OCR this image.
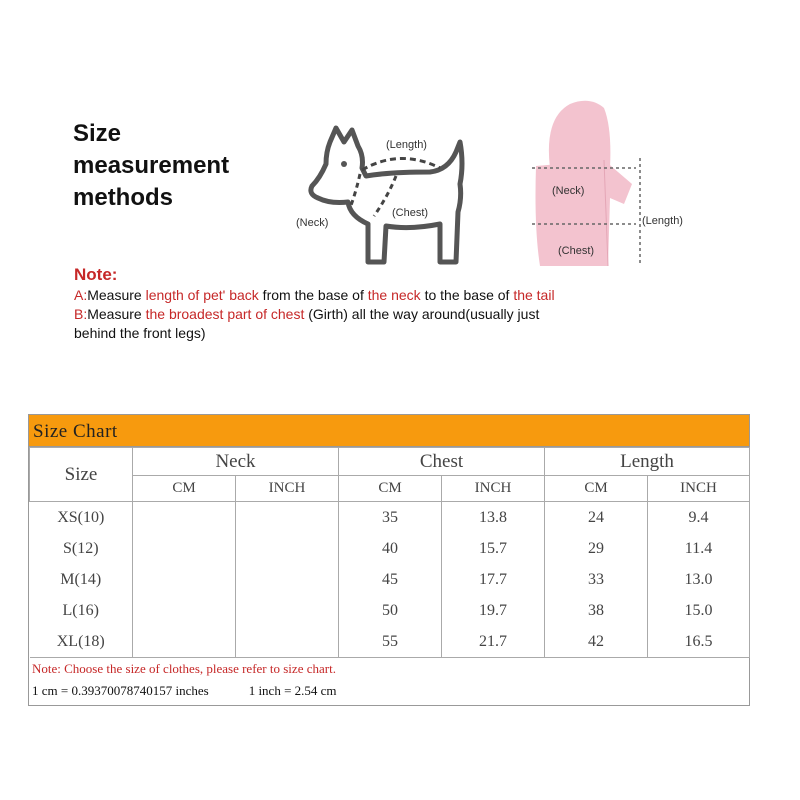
Size
measurement
methods
(Length)
(Neck)
(Chest)
(Neck)
(Length)
(Chest)
Note:
A:Measure length of pet' back from the base of the neck to the base of the tail
B:Measure the broadest part of chest (Girth) all the way around(usually just
behind the front legs)
Size Chart
Size	Neck		Chest		Length	
	CM	INCH	CM	INCH	CM	INCH
XS(10)			35	13.8	24	9.4
S(12)			40	15.7	29	11.4
M(14)			45	17.7	33	13.0
L(16)			50	19.7	38	15.0
XL(18)			55	21.7	42	16.5
Note: Choose the size of clothes, please refer to size chart.
1 cm = 0.39370078740157 inches	1 inch = 2.54 cm
